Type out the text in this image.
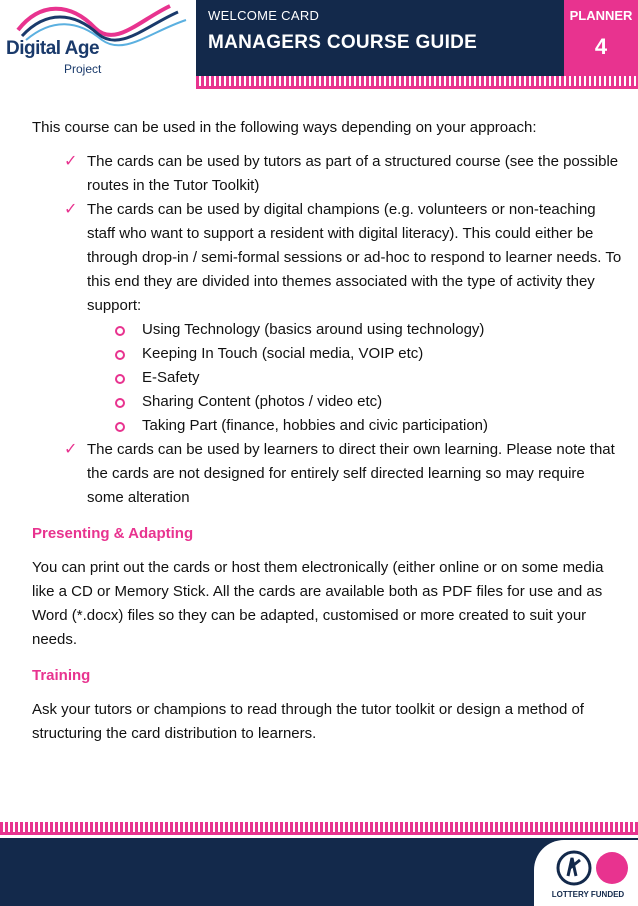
Digital Age
Project
WELCOME CARD
MANAGERS COURSE GUIDE
PLANNER
4

This course can be used in the following ways depending on your approach:

✓ The cards can be used by tutors as part of a structured course (see the possible routes in the Tutor Toolkit)
✓ The cards can be used by digital champions (e.g. volunteers or non-teaching staff who want to support a resident with digital literacy). This could either be through drop-in / semi-formal sessions or ad-hoc to respond to learner needs. To this end they are divided into themes associated with the type of activity they support:
Using Technology (basics around using technology)
Keeping In Touch (social media, VOIP etc)
E-Safety
Sharing Content (photos / video etc)
Taking Part (finance, hobbies and civic participation)
✓ The cards can be used by learners to direct their own learning. Please note that the cards are not designed for entirely self directed learning so may require some alteration
Presenting & Adapting

You can print out the cards or host them electronically (either online or on some media like a CD or Memory Stick. All the cards are available both as PDF files for use and as Word (*.docx) files so they can be adapted, customised or more created to suit your needs.

Training

Ask your tutors or champions to read through the tutor toolkit or design a method of structuring the card distribution to learners.

LOTTERY FUNDED
